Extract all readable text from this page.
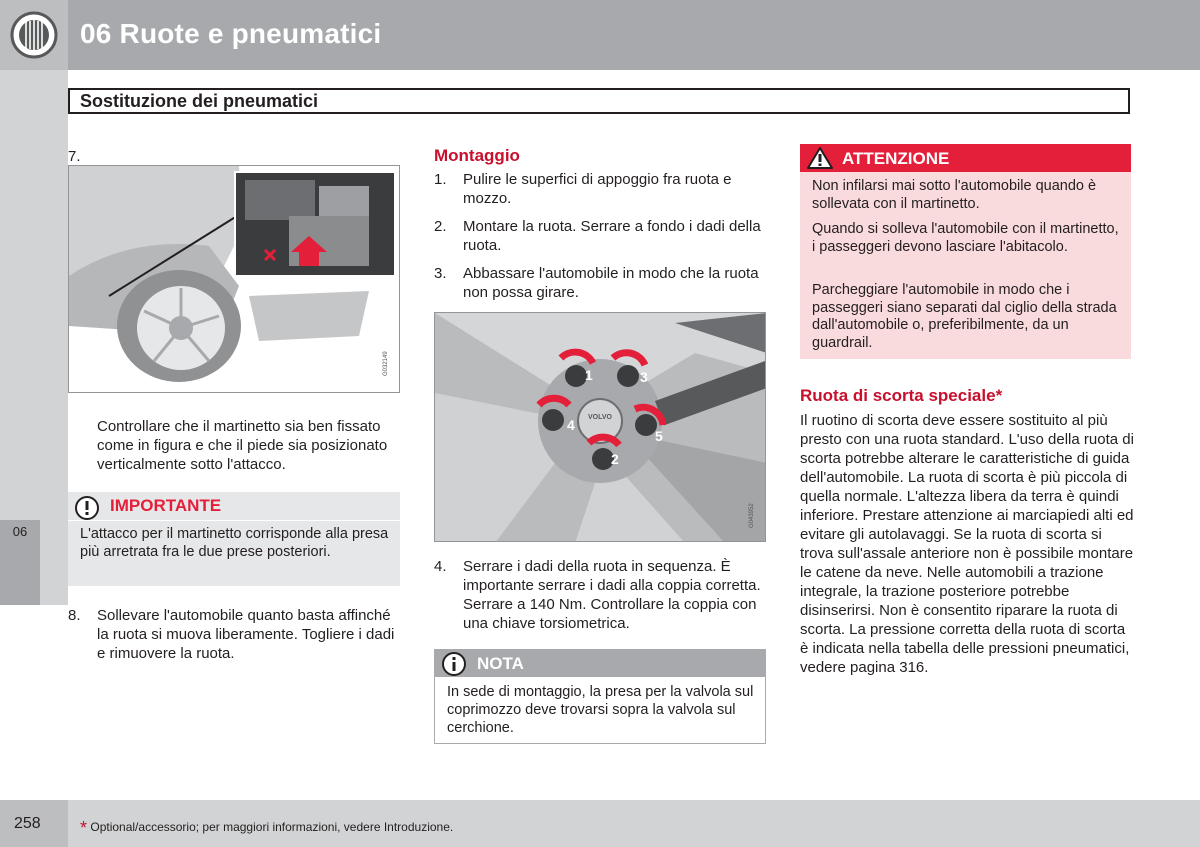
06
06 Ruote e pneumatici
Sostituzione dei pneumatici
7.
G032149
Controllare che il martinetto sia ben fissato come in figura e che il piede sia posizionato verticalmente sotto l'attacco.
IMPORTANTE
L'attacco per il martinetto corrisponde alla presa più arretrata fra le due prese posteriori.
8. Sollevare l'automobile quanto basta affinché la ruota si muova liberamente. Togliere i dadi e rimuovere la ruota.
Montaggio
1. Pulire le superfici di appoggio fra ruota e mozzo.
2. Montare la ruota. Serrare a fondo i dadi della ruota.
3. Abbassare l'automobile in modo che la ruota non possa girare.
VOLVO
1	3
4
5
2
G043952
4. Serrare i dadi della ruota in sequenza. È importante serrare i dadi alla coppia corretta. Serrare a 140 Nm. Controllare la coppia con una chiave torsiometrica.
NOTA
In sede di montaggio, la presa per la valvola sul coprimozzo deve trovarsi sopra la valvola sul cerchione.
ATTENZIONE
Non infilarsi mai sotto l'automobile quando è sollevata con il martinetto.
Quando si solleva l'automobile con il martinetto, i passeggeri devono lasciare l'abitacolo.
Parcheggiare l'automobile in modo che i passeggeri siano separati dal ciglio della strada dall'automobile o, preferibilmente, da un guardrail.
Ruota di scorta speciale*
Il ruotino di scorta deve essere sostituito al più presto con una ruota standard. L'uso della ruota di scorta potrebbe alterare le caratteristiche di guida dell'automobile. La ruota di scorta è più piccola di quella normale. L'altezza libera da terra è quindi inferiore. Prestare attenzione ai marciapiedi alti ed evitare gli autolavaggi. Se la ruota di scorta si trova sull'assale anteriore non è possibile montare le catene da neve. Nelle automobili a trazione integrale, la trazione posteriore potrebbe disinserirsi. Non è consentito riparare la ruota di scorta. La pressione corretta della ruota di scorta è indicata nella tabella delle pressioni pneumatici, vedere pagina 316.
258 * Optional/accessorio; per maggiori informazioni, vedere Introduzione.
